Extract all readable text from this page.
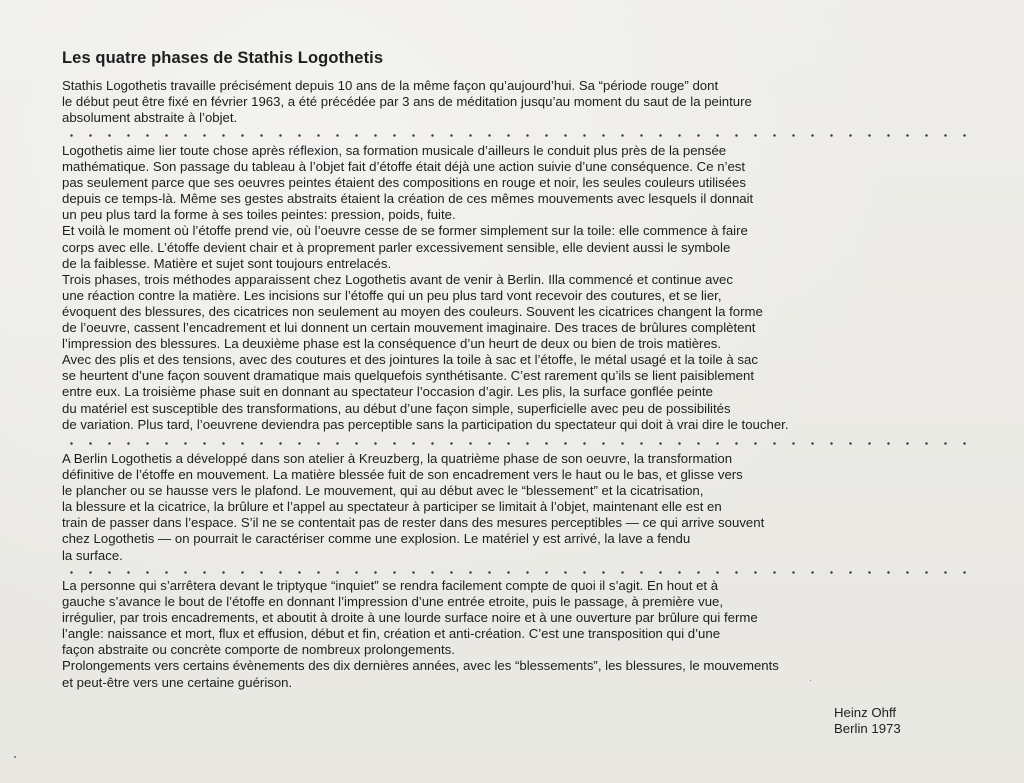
Les quatre phases de Stathis Logothetis
Stathis Logothetis travaille précisément depuis 10 ans de la même façon qu’aujourd’hui. Sa “période rouge” dont
le début peut être fixé en février 1963, a été précédée par 3 ans de méditation jusqu’au moment du saut de la peinture
absolument abstraite à l’objet.
Logothetis aime lier toute chose après réflexion, sa formation musicale d’ailleurs le conduit plus près de la pensée
mathématique. Son passage du tableau à l’objet fait d’étoffe était déjà une action suivie d’une conséquence. Ce n’est
pas seulement parce que ses oeuvres peintes étaient des compositions en rouge et noir, les seules couleurs utilisées
depuis ce temps-là. Même ses gestes abstraits étaient la création de ces mêmes mouvements avec lesquels il donnait
un peu plus tard la forme à ses toiles peintes: pression, poids, fuite.
Et voilà le moment où l’étoffe prend vie, où l’oeuvre cesse de se former simplement sur la toile: elle commence à faire
corps avec elle. L’étoffe devient chair et à proprement parler excessivement sensible, elle devient aussi le symbole
de la faiblesse. Matière et sujet sont toujours entrelacés.
Trois phases, trois méthodes apparaissent chez Logothetis avant de venir à Berlin. Illa commencé et continue avec
une réaction contre la matière. Les incisions sur l’étoffe qui un peu plus tard vont recevoir des coutures, et se lier,
évoquent des blessures, des cicatrices non seulement au moyen des couleurs. Souvent les cicatrices changent la forme
de l’oeuvre, cassent l’encadrement et lui donnent un certain mouvement imaginaire. Des traces de brûlures complètent
l’impression des blessures. La deuxième phase est la conséquence d’un heurt de deux ou bien de trois matières.
Avec des plis et des tensions, avec des coutures et des jointures la toile à sac et l’étoffe, le métal usagé et la toile à sac
se heurtent d’une façon souvent dramatique mais quelquefois synthétisante. C’est rarement qu’ils se lient paisiblement
entre eux. La troisième phase suit en donnant au spectateur l’occasion d’agir. Les plis, la surface gonflée peinte
du matériel est susceptible des transformations, au début d’une façon simple, superficielle avec peu de possibilités
de variation. Plus tard, l’oeuvrene deviendra pas perceptible sans la participation du spectateur qui doit à vrai dire le toucher.
A Berlin Logothetis a développé dans son atelier à Kreuzberg, la quatrième phase de son oeuvre, la transformation
définitive de l’étoffe en mouvement. La matière blessée fuit de son encadrement vers le haut ou le bas, et glisse vers
le plancher ou se hausse vers le plafond. Le mouvement, qui au début avec le “blessement” et la cicatrisation,
la blessure et la cicatrice, la brûlure et l’appel au spectateur à participer se limitait à l’objet, maintenant elle est en
train de passer dans l’espace. S’il ne se contentait pas de rester dans des mesures perceptibles — ce qui arrive souvent
chez Logothetis — on pourrait le caractériser comme une explosion. Le matériel y est arrivé, la lave a fendu
la surface.
La personne qui s’arrêtera devant le triptyque “inquiet” se rendra facilement compte de quoi il s’agit. En hout et à
gauche s’avance le bout de l’étoffe en donnant l’impression d’une entrée etroite, puis le passage, à première vue,
irrégulier, par trois encadrements, et aboutit à droite à une lourde surface noire et à une ouverture par brûlure qui ferme
l’angle: naissance et mort, flux et effusion, début et fin, création et anti-création. C’est une transposition qui d’une
façon abstraite ou concrète comporte de nombreux prolongements.
Prolongements vers certains évènements des dix dernières années, avec les “blessements”, les blessures, le mouvements
et peut-être vers une certaine guérison.
Heinz Ohff
Berlin 1973
